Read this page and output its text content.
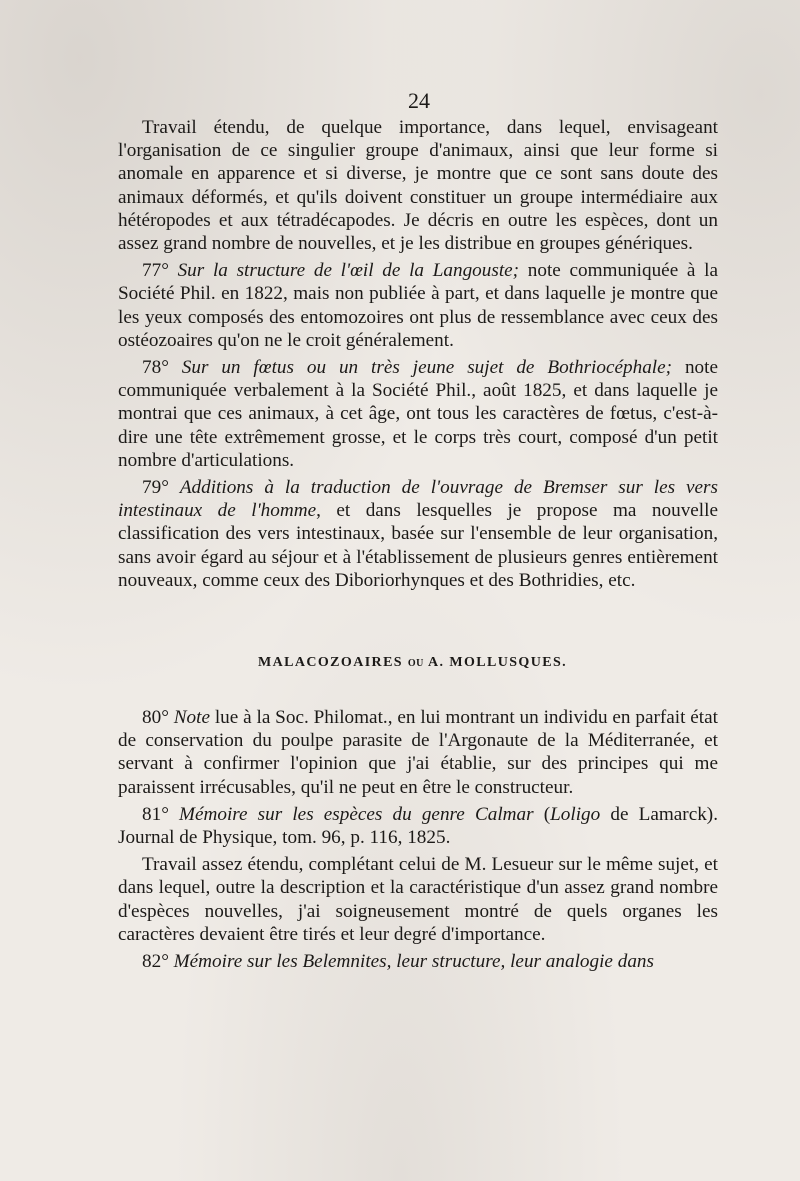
24

Travail étendu, de quelque importance, dans lequel, envisageant l'organisation de ce singulier groupe d'animaux, ainsi que leur forme si anomale en apparence et si diverse, je montre que ce sont sans doute des animaux déformés, et qu'ils doivent constituer un groupe intermédiaire aux hétéropodes et aux tétradécapodes. Je décris en outre les espèces, dont un assez grand nombre de nouvelles, et je les distribue en groupes génériques.

77° Sur la structure de l'œil de la Langouste; note communiquée à la Société Phil. en 1822, mais non publiée à part, et dans laquelle je montre que les yeux composés des entomozoires ont plus de ressemblance avec ceux des ostéozoaires qu'on ne le croit généralement.

78° Sur un fœtus ou un très jeune sujet de Bothriocéphale; note communiquée verbalement à la Société Phil., août 1825, et dans laquelle je montrai que ces animaux, à cet âge, ont tous les caractères de fœtus, c'est-à-dire une tête extrêmement grosse, et le corps très court, composé d'un petit nombre d'articulations.

79° Additions à la traduction de l'ouvrage de Bremser sur les vers intestinaux de l'homme, et dans lesquelles je propose ma nouvelle classification des vers intestinaux, basée sur l'ensemble de leur organisation, sans avoir égard au séjour et à l'établissement de plusieurs genres entièrement nouveaux, comme ceux des Diboriorhynques et des Bothridies, etc.

MALACOZOAIRES OU A. MOLLUSQUES.

80° Note lue à la Soc. Philomat., en lui montrant un individu en parfait état de conservation du poulpe parasite de l'Argonaute de la Méditerranée, et servant à confirmer l'opinion que j'ai établie, sur des principes qui me paraissent irrécusables, qu'il ne peut en être le constructeur.

81° Mémoire sur les espèces du genre Calmar (Loligo de Lamarck). Journal de Physique, tom. 96, p. 116, 1825.

Travail assez étendu, complétant celui de M. Lesueur sur le même sujet, et dans lequel, outre la description et la caractéristique d'un assez grand nombre d'espèces nouvelles, j'ai soigneusement montré de quels organes les caractères devaient être tirés et leur degré d'importance.

82° Mémoire sur les Belemnites, leur structure, leur analogie dans
